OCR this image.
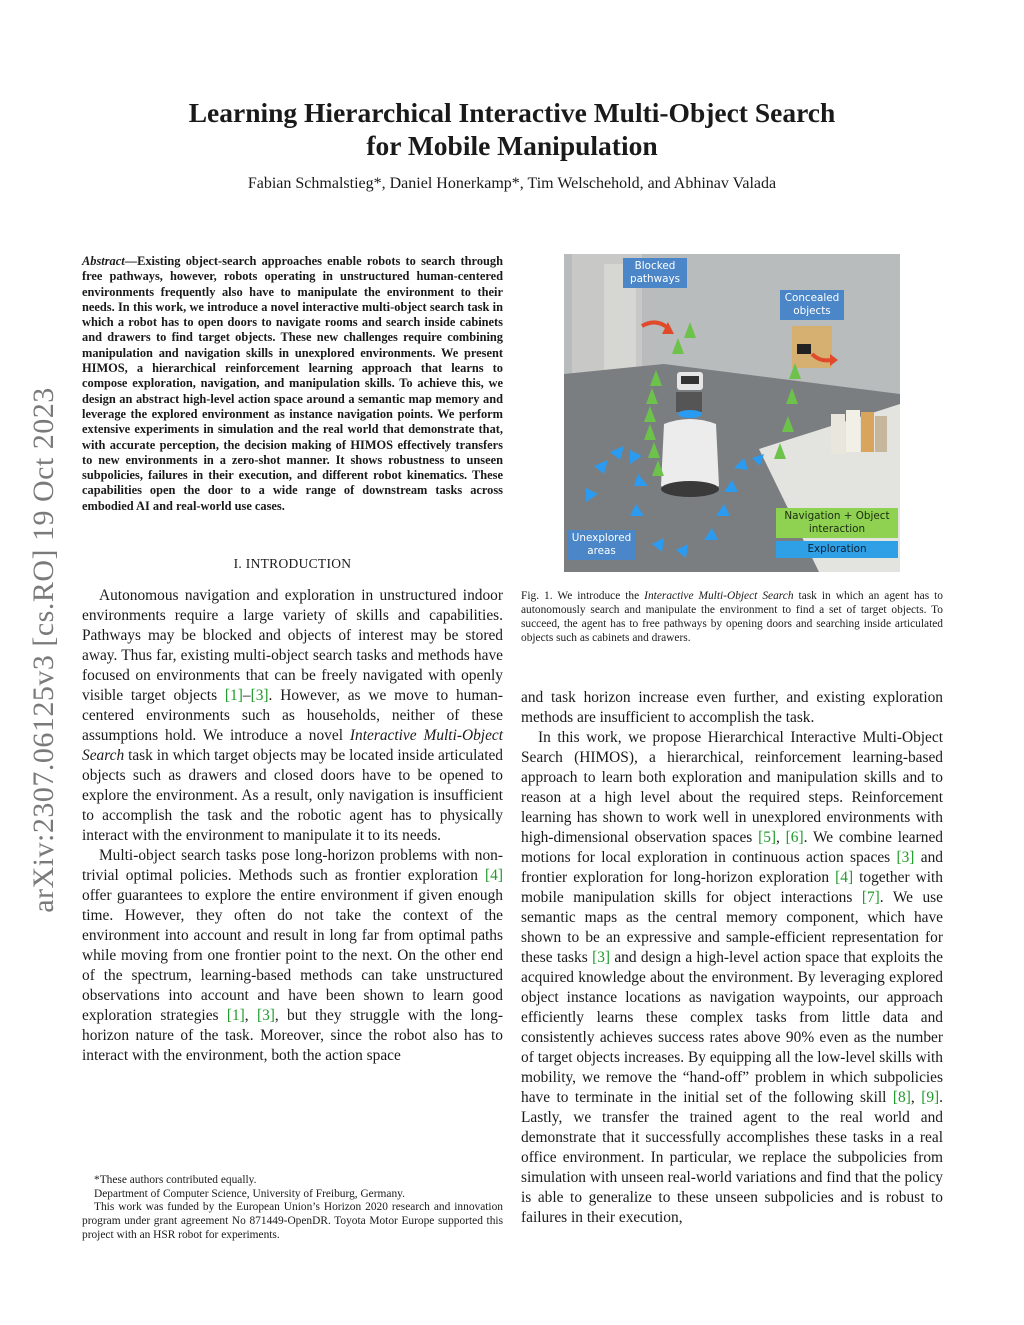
arXiv:2307.06125v3 [cs.RO] 19 Oct 2023
Learning Hierarchical Interactive Multi-Object Search
for Mobile Manipulation
Fabian Schmalstieg*, Daniel Honerkamp*, Tim Welschehold, and Abhinav Valada

Abstract—Existing object-search approaches enable robots to search through free pathways, however, robots operating in unstructured human-centered environments frequently also have to manipulate the environment to their needs. In this work, we introduce a novel interactive multi-object search task in which a robot has to open doors to navigate rooms and search inside cabinets and drawers to find target objects. These new challenges require combining manipulation and navigation skills in unexplored environments. We present HIMOS, a hierarchical reinforcement learning approach that learns to compose exploration, navigation, and manipulation skills. To achieve this, we design an abstract high-level action space around a semantic map memory and leverage the explored environment as instance navigation points. We perform extensive experiments in simulation and the real world that demonstrate that, with accurate perception, the decision making of HIMOS effectively transfers to new environments in a zero-shot manner. It shows robustness to unseen subpolicies, failures in their execution, and different robot kinematics. These capabilities open the door to a wide range of downstream tasks across embodied AI and real-world use cases.

I. INTRODUCTION

Autonomous navigation and exploration in unstructured indoor environments require a large variety of skills and capabilities. Pathways may be blocked and objects of interest may be stored away. Thus far, existing multi-object search tasks and methods have focused on environments that can be freely navigated with openly visible target objects [1]–[3]. However, as we move to human-centered environments such as households, neither of these assumptions hold. We introduce a novel Interactive Multi-Object Search task in which target objects may be located inside articulated objects such as drawers and closed doors have to be opened to explore the environment. As a result, only navigation is insufficient to accomplish the task and the robotic agent has to physically interact with the environment to manipulate it to its needs.

Multi-object search tasks pose long-horizon problems with non-trivial optimal policies. Methods such as frontier exploration [4] offer guarantees to explore the entire environment if given enough time. However, they often do not take the context of the environment into account and result in long far from optimal paths while moving from one frontier point to the next. On the other end of the spectrum, learning-based methods can take unstructured observations into account and have been shown to learn good exploration strategies [1], [3], but they struggle with the long-horizon nature of the task. Moreover, since the robot also has to interact with the environment, both the action space

*These authors contributed equally.

Department of Computer Science, University of Freiburg, Germany.

This work was funded by the European Union’s Horizon 2020 research and innovation program under grant agreement No 871449-OpenDR. Toyota Motor Europe supported this project with an HSR robot for experiments.

Blocked pathways
Concealed objects
Unexplored areas
Navigation + Object interaction
Exploration
Fig. 1. We introduce the Interactive Multi-Object Search task in which an agent has to autonomously search and manipulate the environment to find a set of target objects. To succeed, the agent has to free pathways by opening doors and searching inside articulated objects such as cabinets and drawers.

and task horizon increase even further, and existing exploration methods are insufficient to accomplish the task.

In this work, we propose Hierarchical Interactive Multi-Object Search (HIMOS), a hierarchical, reinforcement learning-based approach to learn both exploration and manipulation skills and to reason at a high level about the required steps. Reinforcement learning has shown to work well in unexplored environments with high-dimensional observation spaces [5], [6]. We combine learned motions for local exploration in continuous action spaces [3] and frontier exploration for long-horizon exploration [4] together with mobile manipulation skills for object interactions [7]. We use semantic maps as the central memory component, which have shown to be an expressive and sample-efficient representation for these tasks [3] and design a high-level action space that exploits the acquired knowledge about the environment. By leveraging explored object instance locations as navigation waypoints, our approach efficiently learns these complex tasks from little data and consistently achieves success rates above 90% even as the number of target objects increases. By equipping all the low-level skills with mobility, we remove the “hand-off” problem in which subpolicies have to terminate in the initial set of the following skill [8], [9]. Lastly, we transfer the trained agent to the real world and demonstrate that it successfully accomplishes these tasks in a real office environment. In particular, we replace the subpolicies from simulation with unseen real-world variations and find that the policy is able to generalize to these unseen subpolicies and is robust to failures in their execution,
